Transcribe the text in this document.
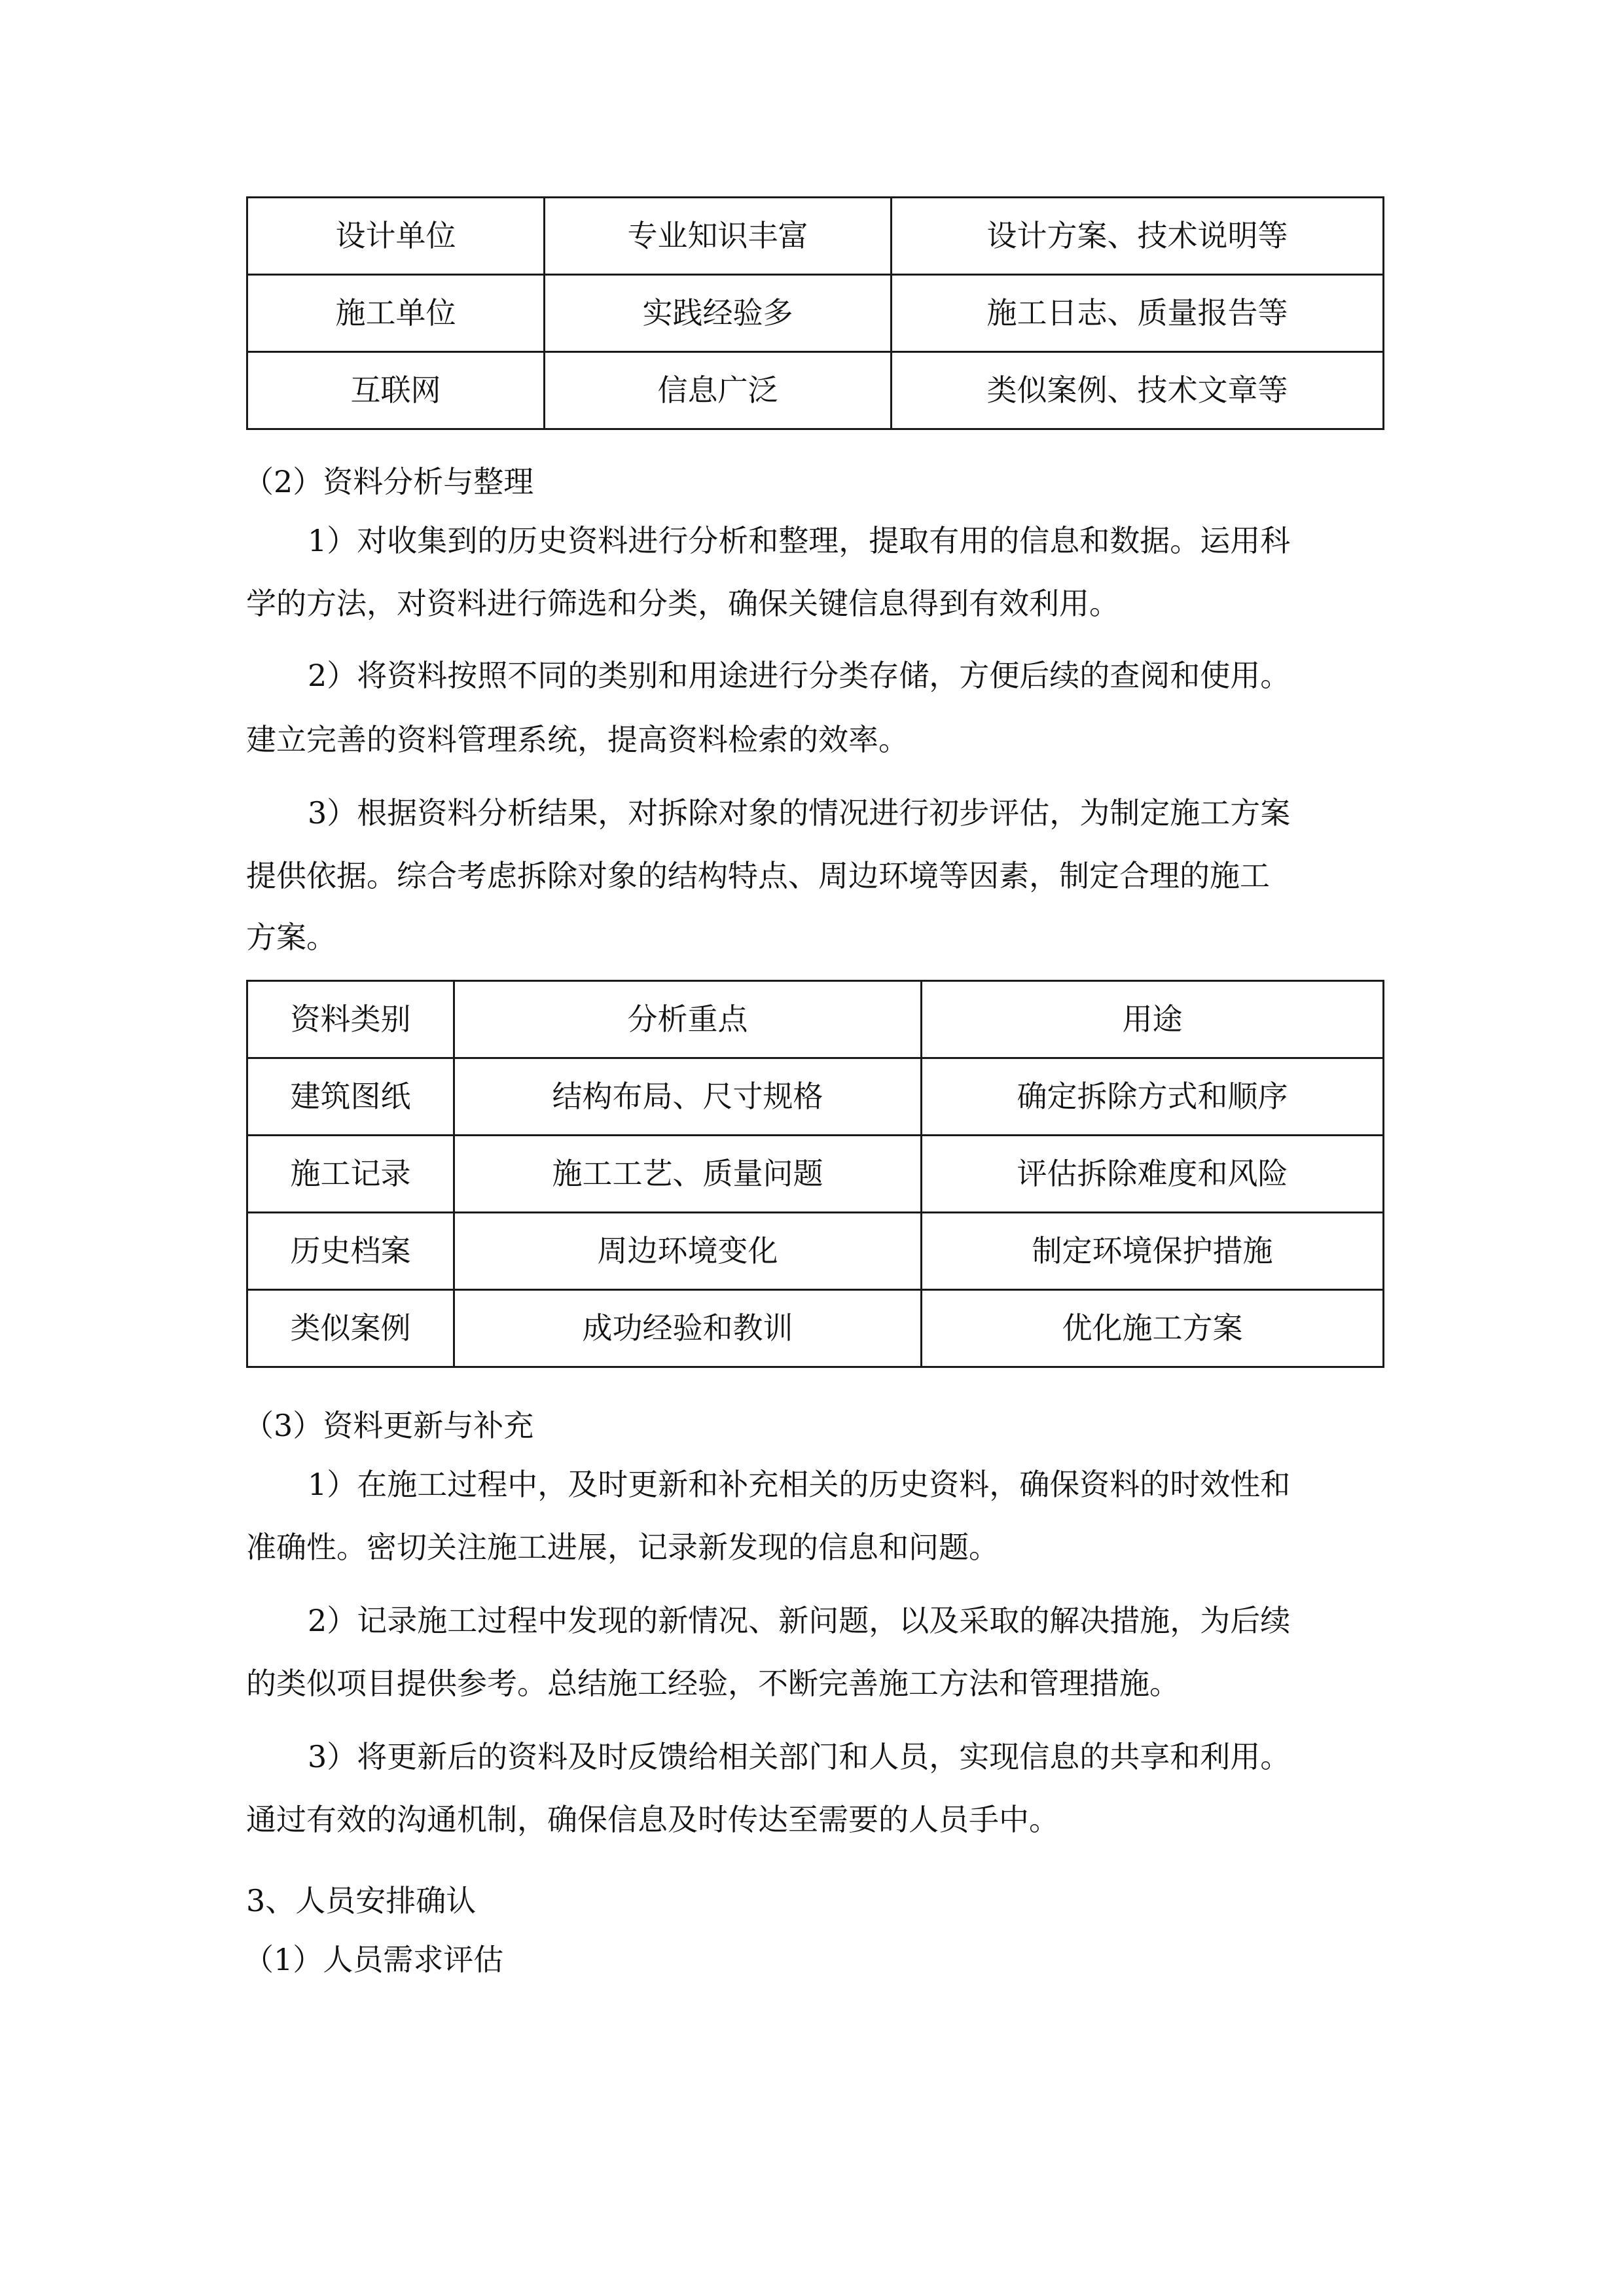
设计单位	专业知识丰富	设计方案、技术说明等
施工单位	实践经验多	施工日志、质量报告等
互联网	信息广泛	类似案例、技术文章等
（2）资料分析与整理
1）对收集到的历史资料进行分析和整理，提取有用的信息和数据。运用科
学的方法，对资料进行筛选和分类，确保关键信息得到有效利用。
2）将资料按照不同的类别和用途进行分类存储，方便后续的查阅和使用。
建立完善的资料管理系统，提高资料检索的效率。
3）根据资料分析结果，对拆除对象的情况进行初步评估，为制定施工方案
提供依据。综合考虑拆除对象的结构特点、周边环境等因素，制定合理的施工
方案。
资料类别	分析重点	用途
建筑图纸	结构布局、尺寸规格	确定拆除方式和顺序
施工记录	施工工艺、质量问题	评估拆除难度和风险
历史档案	周边环境变化	制定环境保护措施
类似案例	成功经验和教训	优化施工方案
（3）资料更新与补充
1）在施工过程中，及时更新和补充相关的历史资料，确保资料的时效性和
准确性。密切关注施工进展，记录新发现的信息和问题。
2）记录施工过程中发现的新情况、新问题，以及采取的解决措施，为后续
的类似项目提供参考。总结施工经验，不断完善施工方法和管理措施。
3）将更新后的资料及时反馈给相关部门和人员，实现信息的共享和利用。
通过有效的沟通机制，确保信息及时传达至需要的人员手中。
3、人员安排确认
（1）人员需求评估
